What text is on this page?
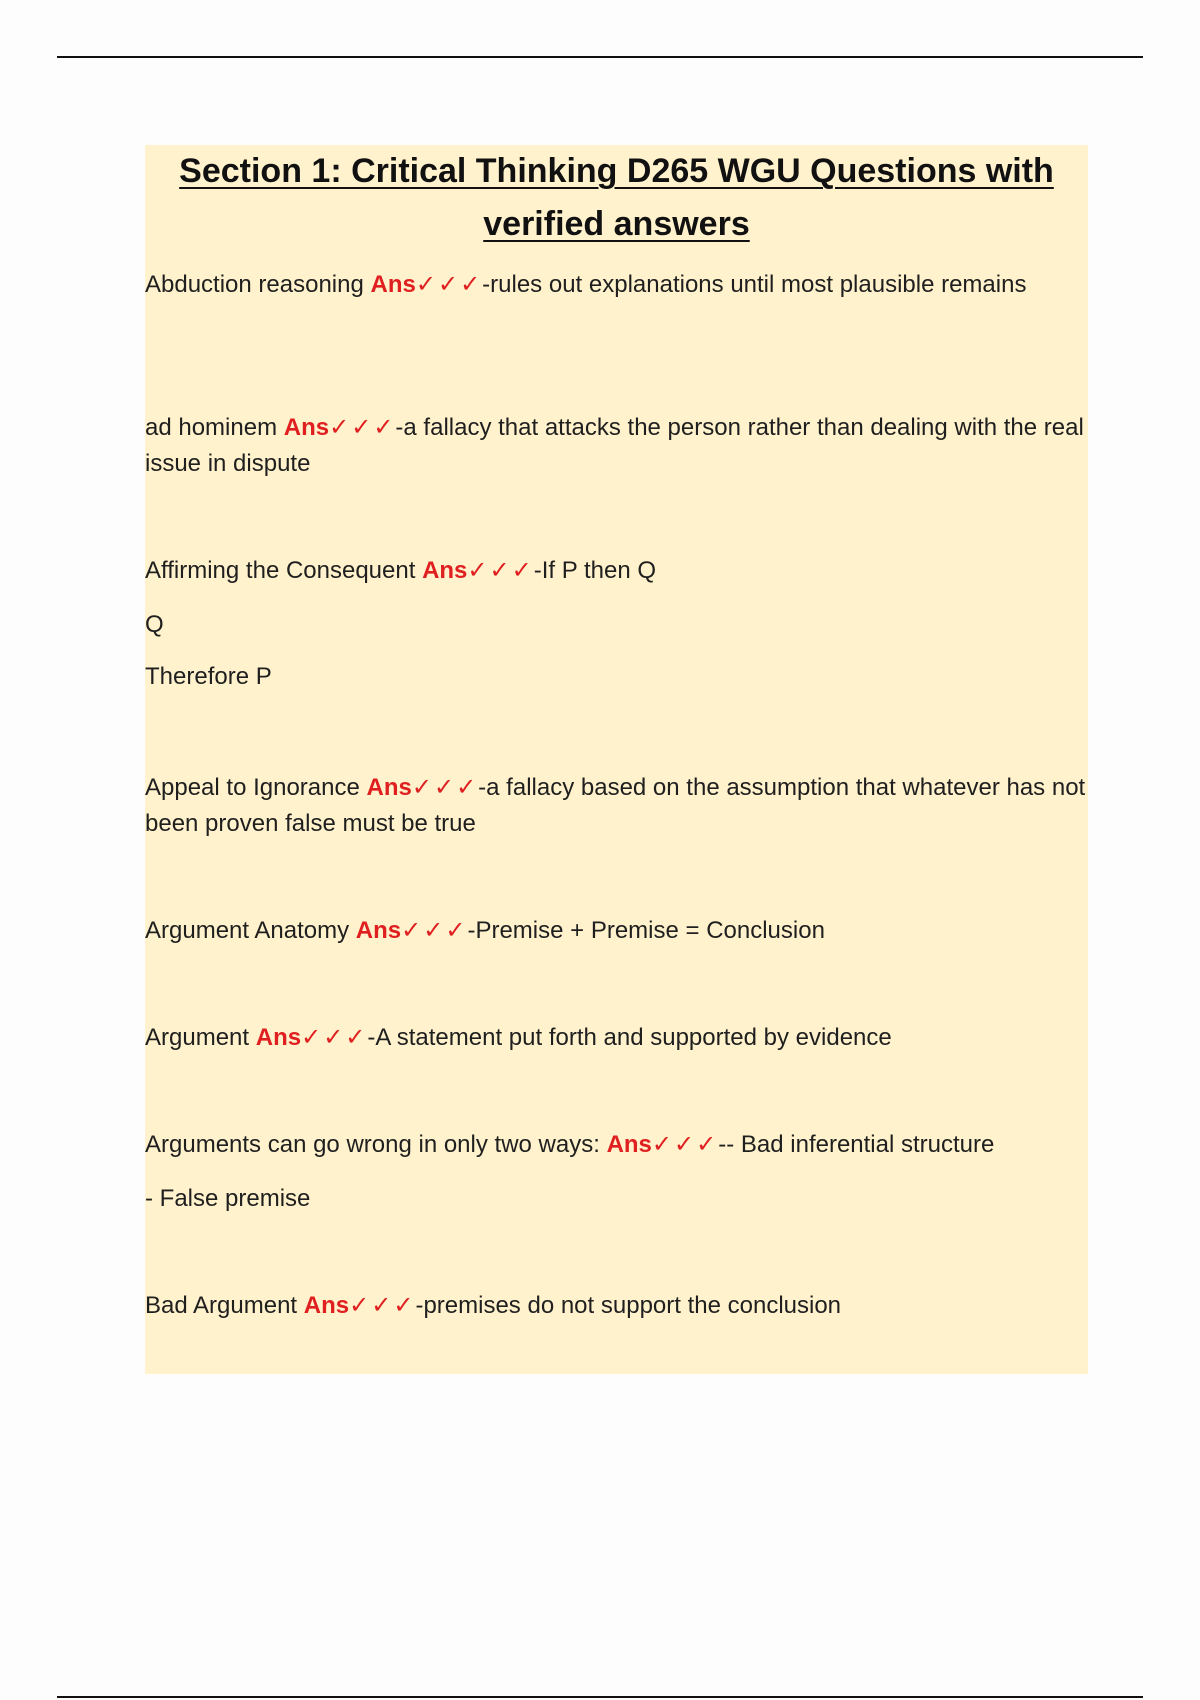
Section 1: Critical Thinking D265 WGU Questions with verified answers

Abduction reasoning Ans✓✓✓-rules out explanations until most plausible remains

ad hominem Ans✓✓✓-a fallacy that attacks the person rather than dealing with the real issue in dispute

Affirming the Consequent Ans✓✓✓-If P then Q

Q

Therefore P

Appeal to Ignorance Ans✓✓✓-a fallacy based on the assumption that whatever has not been proven false must be true

Argument Anatomy Ans✓✓✓-Premise + Premise = Conclusion

Argument Ans✓✓✓-A statement put forth and supported by evidence

Arguments can go wrong in only two ways: Ans✓✓✓-- Bad inferential structure

- False premise

Bad Argument Ans✓✓✓-premises do not support the conclusion
